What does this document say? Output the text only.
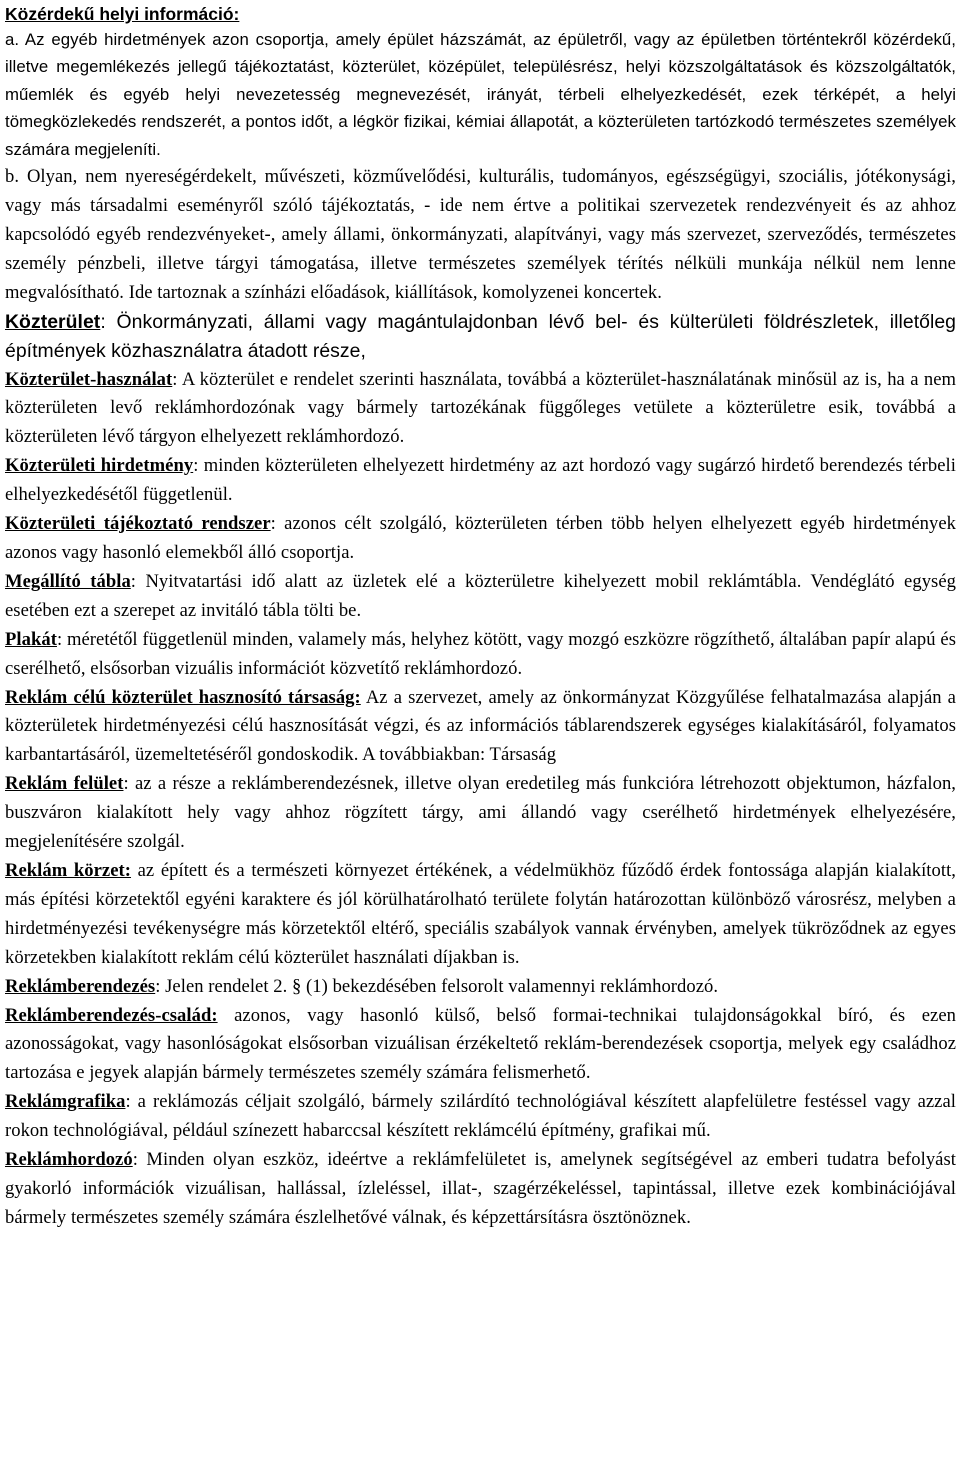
Közérdekű helyi információ:

a. Az egyéb hirdetmények azon csoportja, amely épület házszámát, az épületről, vagy az épületben történtekről közérdekű, illetve megemlékezés jellegű tájékoztatást, közterület, középület, településrész, helyi közszolgáltatások és közszolgáltatók, műemlék és egyéb helyi nevezetesség megnevezését, irányát, térbeli elhelyezkedését, ezek térképét, a helyi tömegközlekedés rendszerét, a pontos időt, a légkör fizikai, kémiai állapotát, a közterületen tartózkodó természetes személyek számára megjeleníti.

b. Olyan, nem nyereségérdekelt, művészeti, közművelődési, kulturális, tudományos, egészségügyi, szociális, jótékonysági, vagy más társadalmi eseményről szóló tájékoztatás, - ide nem értve a politikai szervezetek rendezvényeit és az ahhoz kapcsolódó egyéb rendezvényeket-, amely állami, önkormányzati, alapítványi, vagy más szervezet, szerveződés, természetes személy pénzbeli, illetve tárgyi támogatása, illetve természetes személyek térítés nélküli munkája nélkül nem lenne megvalósítható. Ide tartoznak a színházi előadások, kiállítások, komolyzenei koncertek.

Közterület: Önkormányzati, állami vagy magántulajdonban lévő bel- és külterületi földrészletek, illetőleg építmények közhasználatra átadott része,

Közterület-használat: A közterület e rendelet szerinti használata, továbbá a közterület-használatának minősül az is, ha a nem közterületen levő reklámhordozónak vagy bármely tartozékának függőleges vetülete a közterületre esik, továbbá a közterületen lévő tárgyon elhelyezett reklámhordozó.

Közterületi hirdetmény: minden közterületen elhelyezett hirdetmény az azt hordozó vagy sugárzó hirdető berendezés térbeli elhelyezkedésétől függetlenül.

Közterületi tájékoztató rendszer: azonos célt szolgáló, közterületen térben több helyen elhelyezett egyéb hirdetmények azonos vagy hasonló elemekből álló csoportja.

Megállító tábla: Nyitvatartási idő alatt az üzletek elé a közterületre kihelyezett mobil reklámtábla. Vendéglátó egység esetében ezt a szerepet az invitáló tábla tölti be.

Plakát: méretétől függetlenül minden, valamely más, helyhez kötött, vagy mozgó eszközre rögzíthető, általában papír alapú és cserélhető, elsősorban vizuális információt közvetítő reklámhordozó.

Reklám célú közterület hasznosító társaság: Az a szervezet, amely az önkormányzat Közgyűlése felhatalmazása alapján a közterületek hirdetményezési célú hasznosítását végzi, és az információs táblarendszerek egységes kialakításáról, folyamatos karbantartásáról, üzemeltetéséről gondoskodik. A továbbiakban: Társaság

Reklám felület: az a része a reklámberendezésnek, illetve olyan eredetileg más funkcióra létrehozott objektumon, házfalon, buszváron kialakított hely vagy ahhoz rögzített tárgy, ami állandó vagy cserélhető hirdetmények elhelyezésére, megjelenítésére szolgál.

Reklám körzet: az épített és a természeti környezet értékének, a védelmükhöz fűződő érdek fontossága alapján kialakított, más építési körzetektől egyéni karaktere és jól körülhatárolható területe folytán határozottan különböző városrész, melyben a hirdetményezési tevékenységre más körzetektől eltérő, speciális szabályok vannak érvényben, amelyek tükröződnek az egyes körzetekben kialakított reklám célú közterület használati díjakban is.

Reklámberendezés: Jelen rendelet 2. § (1) bekezdésében felsorolt valamennyi reklámhordozó.

Reklámberendezés-család: azonos, vagy hasonló külső, belső formai-technikai tulajdonságokkal bíró, és ezen azonosságokat, vagy hasonlóságokat elsősorban vizuálisan érzékeltető reklám-berendezések csoportja, melyek egy családhoz tartozása e jegyek alapján bármely természetes személy számára felismerhető.

Reklámgrafika: a reklámozás céljait szolgáló, bármely szilárdító technológiával készített alapfelületre festéssel vagy azzal rokon technológiával, például színezett habarccsal készített reklámcélú építmény, grafikai mű.

Reklámhordozó: Minden olyan eszköz, ideértve a reklámfelületet is, amelynek segítségével az emberi tudatra befolyást gyakorló információk vizuálisan, hallással, ízleléssel, illat-, szagérzékeléssel, tapintással, illetve ezek kombinációjával bármely természetes személy számára észlelhetővé válnak, és képzettársításra ösztönöznek.
